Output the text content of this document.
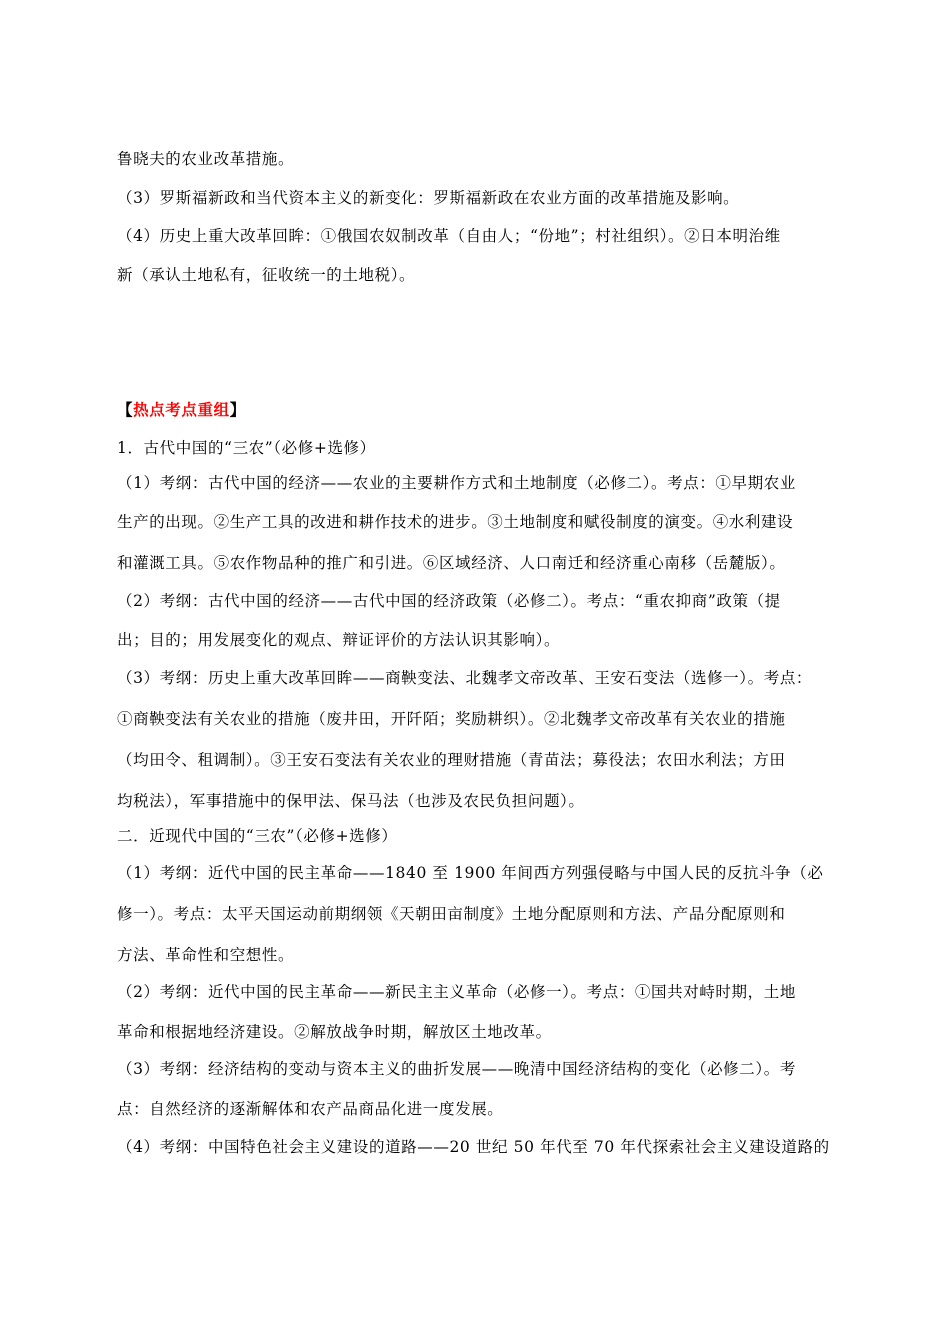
鲁晓夫的农业改革措施。
（3）罗斯福新政和当代资本主义的新变化：罗斯福新政在农业方面的改革措施及影响。
（4）历史上重大改革回眸：①俄国农奴制改革（自由人；“份地”；村社组织）。②日本明治维
新（承认土地私有，征收统一的土地税）。
【热点考点重组】
1．古代中国的“三农”（必修+选修）
（1）考纲：古代中国的经济——农业的主要耕作方式和土地制度（必修二）。考点：①早期农业
生产的出现。②生产工具的改进和耕作技术的进步。③土地制度和赋役制度的演变。④水利建设
和灌溉工具。⑤农作物品种的推广和引进。⑥区域经济、人口南迁和经济重心南移（岳麓版）。
（2）考纲：古代中国的经济——古代中国的经济政策（必修二）。考点：“重农抑商”政策（提
出；目的；用发展变化的观点、辩证评价的方法认识其影响）。
（3）考纲：历史上重大改革回眸——商鞅变法、北魏孝文帝改革、王安石变法（选修一）。考点：
①商鞅变法有关农业的措施（废井田，开阡陌；奖励耕织）。②北魏孝文帝改革有关农业的措施
（均田令、租调制）。③王安石变法有关农业的理财措施（青苗法；募役法；农田水利法；方田
均税法），军事措施中的保甲法、保马法（也涉及农民负担问题）。
二．近现代中国的“三农”（必修+选修）
（1）考纲：近代中国的民主革命——1840 至 1900 年间西方列强侵略与中国人民的反抗斗争（必
修一）。考点：太平天国运动前期纲领《天朝田亩制度》土地分配原则和方法、产品分配原则和
方法、革命性和空想性。
（2）考纲：近代中国的民主革命——新民主主义革命（必修一）。考点：①国共对峙时期，土地
革命和根据地经济建设。②解放战争时期，解放区土地改革。
（3）考纲：经济结构的变动与资本主义的曲折发展——晚清中国经济结构的变化（必修二）。考
点：自然经济的逐渐解体和农产品商品化进一度发展。
（4）考纲：中国特色社会主义建设的道路——20 世纪 50 年代至 70 年代探索社会主义建设道路的
